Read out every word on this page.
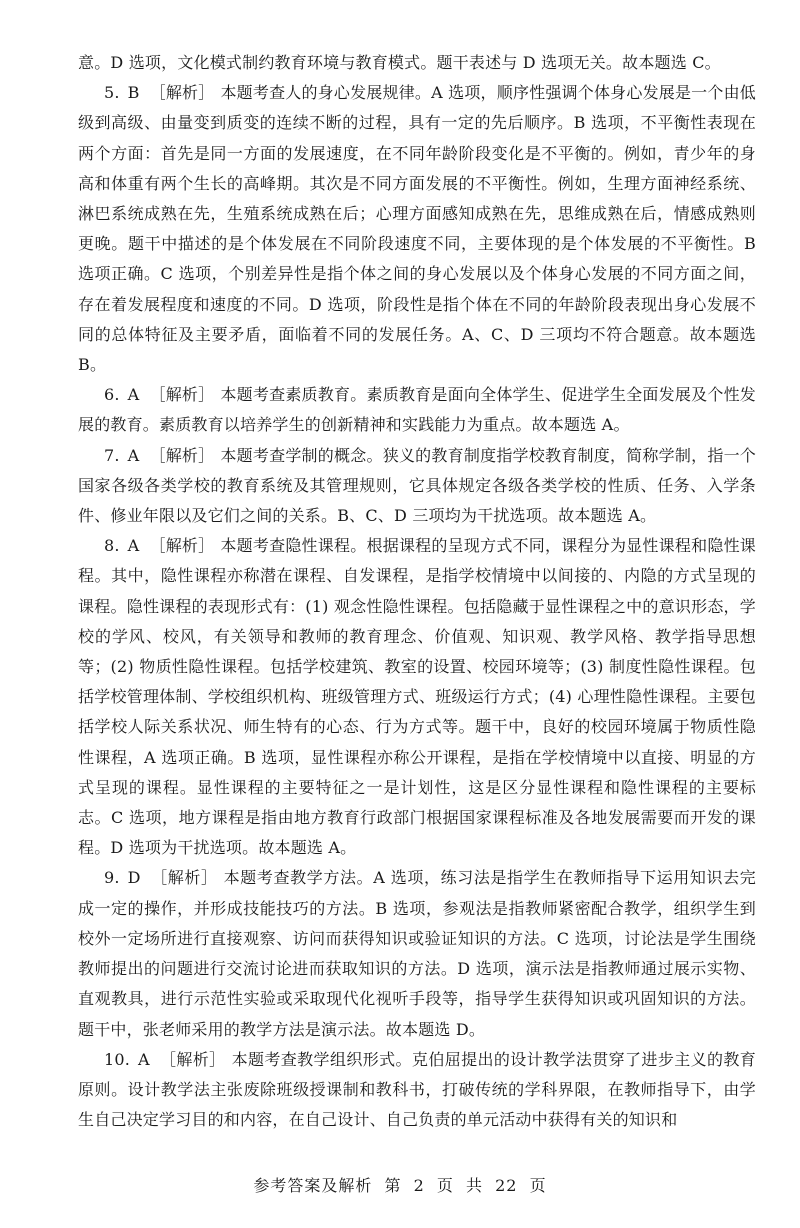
意。D 选项，文化模式制约教育环境与教育模式。题干表述与 D 选项无关。故本题选 C。

5. B ［解析］ 本题考查人的身心发展规律。A 选项，顺序性强调个体身心发展是一个由低级到高级、由量变到质变的连续不断的过程，具有一定的先后顺序。B 选项，不平衡性表现在两个方面：首先是同一方面的发展速度，在不同年龄阶段变化是不平衡的。例如，青少年的身高和体重有两个生长的高峰期。其次是不同方面发展的不平衡性。例如，生理方面神经系统、淋巴系统成熟在先，生殖系统成熟在后；心理方面感知成熟在先，思维成熟在后，情感成熟则更晚。题干中描述的是个体发展在不同阶段速度不同，主要体现的是个体发展的不平衡性。B 选项正确。C 选项，个别差异性是指个体之间的身心发展以及个体身心发展的不同方面之间，存在着发展程度和速度的不同。D 选项，阶段性是指个体在不同的年龄阶段表现出身心发展不同的总体特征及主要矛盾，面临着不同的发展任务。A、C、D 三项均不符合题意。故本题选 B。

6. A ［解析］ 本题考查素质教育。素质教育是面向全体学生、促进学生全面发展及个性发展的教育。素质教育以培养学生的创新精神和实践能力为重点。故本题选 A。

7. A ［解析］ 本题考查学制的概念。狭义的教育制度指学校教育制度，简称学制，指一个国家各级各类学校的教育系统及其管理规则，它具体规定各级各类学校的性质、任务、入学条件、修业年限以及它们之间的关系。B、C、D 三项均为干扰选项。故本题选 A。

8. A ［解析］ 本题考查隐性课程。根据课程的呈现方式不同，课程分为显性课程和隐性课程。其中，隐性课程亦称潜在课程、自发课程，是指学校情境中以间接的、内隐的方式呈现的课程。隐性课程的表现形式有：(1) 观念性隐性课程。包括隐藏于显性课程之中的意识形态，学校的学风、校风，有关领导和教师的教育理念、价值观、知识观、教学风格、教学指导思想等；(2) 物质性隐性课程。包括学校建筑、教室的设置、校园环境等；(3) 制度性隐性课程。包括学校管理体制、学校组织机构、班级管理方式、班级运行方式；(4) 心理性隐性课程。主要包括学校人际关系状况、师生特有的心态、行为方式等。题干中，良好的校园环境属于物质性隐性课程，A 选项正确。B 选项，显性课程亦称公开课程，是指在学校情境中以直接、明显的方式呈现的课程。显性课程的主要特征之一是计划性，这是区分显性课程和隐性课程的主要标志。C 选项，地方课程是指由地方教育行政部门根据国家课程标准及各地发展需要而开发的课程。D 选项为干扰选项。故本题选 A。

9. D ［解析］ 本题考查教学方法。A 选项，练习法是指学生在教师指导下运用知识去完成一定的操作，并形成技能技巧的方法。B 选项，参观法是指教师紧密配合教学，组织学生到校外一定场所进行直接观察、访问而获得知识或验证知识的方法。C 选项，讨论法是学生围绕教师提出的问题进行交流讨论进而获取知识的方法。D 选项，演示法是指教师通过展示实物、直观教具，进行示范性实验或采取现代化视听手段等，指导学生获得知识或巩固知识的方法。题干中，张老师采用的教学方法是演示法。故本题选 D。

10. A ［解析］ 本题考查教学组织形式。克伯屈提出的设计教学法贯穿了进步主义的教育原则。设计教学法主张废除班级授课制和教科书，打破传统的学科界限，在教师指导下，由学生自己决定学习目的和内容，在自己设计、自己负责的单元活动中获得有关的知识和

参考答案及解析 第 2 页 共 22 页
